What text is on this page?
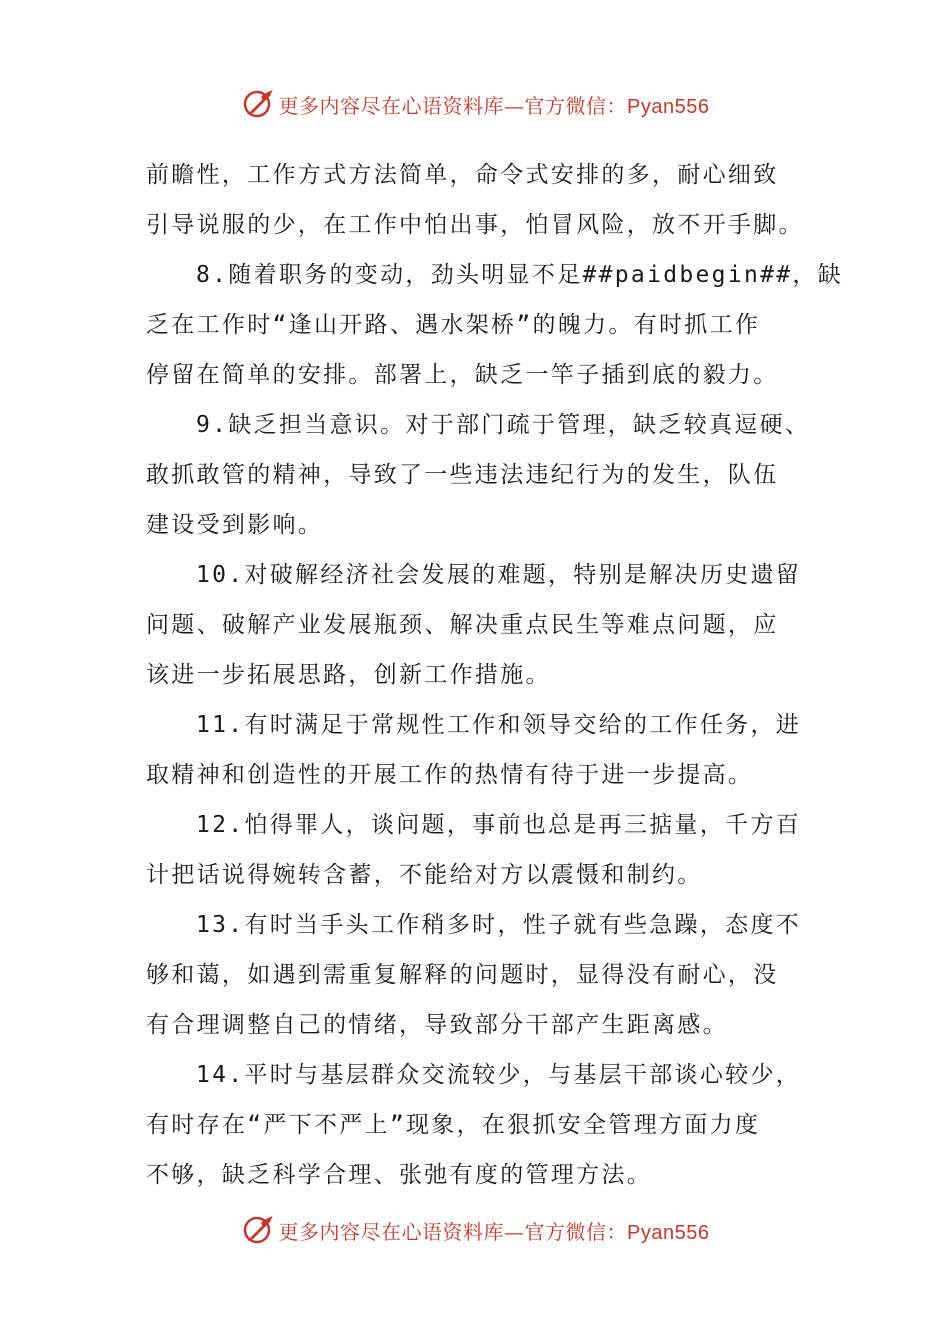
更多内容尽在心语资料库—官方微信：Pyan556
前瞻性，工作方式方法简单，命令式安排的多，耐心细致
引导说服的少，在工作中怕出事，怕冒风险，放不开手脚。
8.随着职务的变动，劲头明显不足##paidbegin##，缺
乏在工作时“逢山开路、遇水架桥”的魄力。有时抓工作
停留在简单的安排。部署上，缺乏一竿子插到底的毅力。
9.缺乏担当意识。对于部门疏于管理，缺乏较真逗硬、
敢抓敢管的精神，导致了一些违法违纪行为的发生，队伍
建设受到影响。
10.对破解经济社会发展的难题，特别是解决历史遗留
问题、破解产业发展瓶颈、解决重点民生等难点问题，应
该进一步拓展思路，创新工作措施。
11.有时满足于常规性工作和领导交给的工作任务，进
取精神和创造性的开展工作的热情有待于进一步提高。
12.怕得罪人，谈问题，事前也总是再三掂量，千方百
计把话说得婉转含蓄，不能给对方以震慑和制约。
13.有时当手头工作稍多时，性子就有些急躁，态度不
够和蔼，如遇到需重复解释的问题时，显得没有耐心，没
有合理调整自己的情绪，导致部分干部产生距离感。
14.平时与基层群众交流较少，与基层干部谈心较少，
有时存在“严下不严上”现象，在狠抓安全管理方面力度
不够，缺乏科学合理、张弛有度的管理方法。
更多内容尽在心语资料库—官方微信：Pyan556
